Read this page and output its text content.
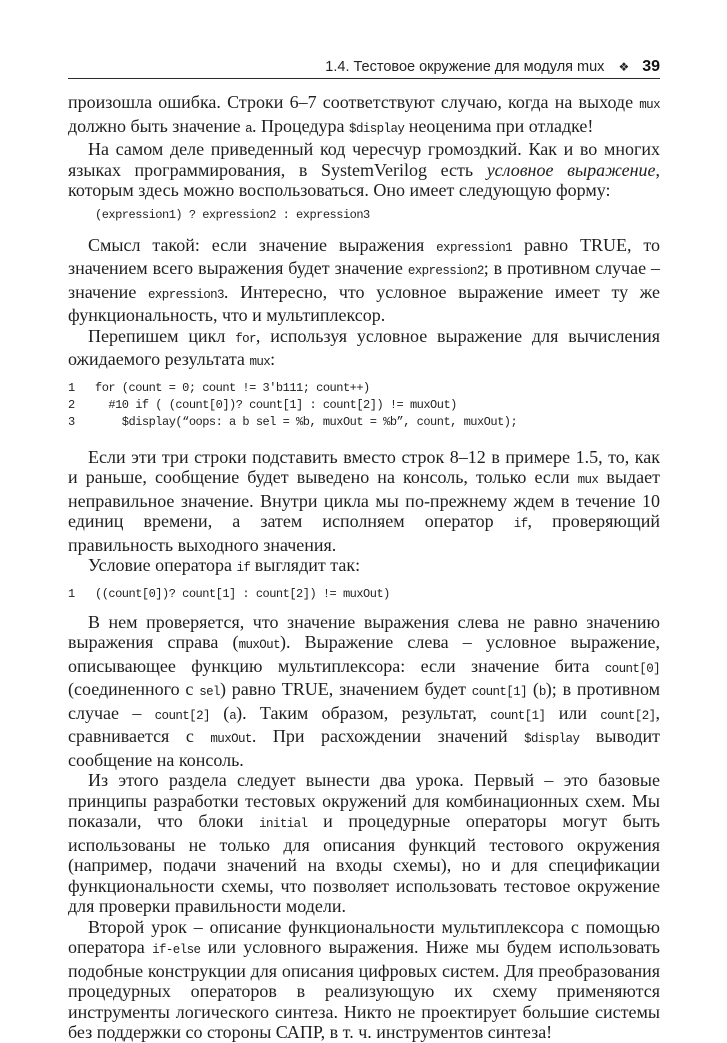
1.4. Тестовое окружение для модуля mux ❖ 39

произошла ошибка. Строки 6–7 соответствуют случаю, когда на выходе mux должно быть значение a. Процедура $display неоценима при отладке!

На самом деле приведенный код чересчур громоздкий. Как и во многих языках программирования, в SystemVerilog есть условное выражение, которым здесь можно воспользоваться. Оно имеет следующую форму:

(expression1) ? expression2 : expression3

Смысл такой: если значение выражения expression1 равно TRUE, то значением всего выражения будет значение expression2; в противном случае – значение expression3. Интересно, что условное выражение имеет ту же функциональность, что и мультиплексор.

Перепишем цикл for, используя условное выражение для вычисления ожидаемого результата mux:

1	for (count = 0; count != 3'b111; count++)
2	#10 if ( (count[0])? count[1] : count[2]) != muxOut)
3	$display(“oops: a b sel = %b, muxOut = %b”, count, muxOut);

Если эти три строки подставить вместо строк 8–12 в примере 1.5, то, как и раньше, сообщение будет выведено на консоль, только если mux выдает неправильное значение. Внутри цикла мы по-прежнему ждем в течение 10 единиц времени, а затем исполняем оператор if, проверяющий правильность выходного значения.

Условие оператора if выглядит так:

1	((count[0])? count[1] : count[2]) != muxOut)

В нем проверяется, что значение выражения слева не равно значению выражения справа (muxOut). Выражение слева – условное выражение, описывающее функцию мультиплексора: если значение бита count[0] (соединенного с sel) равно TRUE, значением будет count[1] (b); в противном случае – count[2] (a). Таким образом, результат, count[1] или count[2], сравнивается с muxOut. При расхождении значений $display выводит сообщение на консоль.

Из этого раздела следует вынести два урока. Первый – это базовые принципы разработки тестовых окружений для комбинационных схем. Мы показали, что блоки initial и процедурные операторы могут быть использованы не только для описания функций тестового окружения (например, подачи значений на входы схемы), но и для спецификации функциональности схемы, что позволяет использовать тестовое окружение для проверки правильности модели.

Второй урок – описание функциональности мультиплексора с помощью оператора if-else или условного выражения. Ниже мы будем использовать подобные конструкции для описания цифровых систем. Для преобразования процедурных операторов в реализующую их схему применяются инструменты логического синтеза. Никто не проектирует большие системы без поддержки со стороны САПР, в т. ч. инструментов синтеза!
